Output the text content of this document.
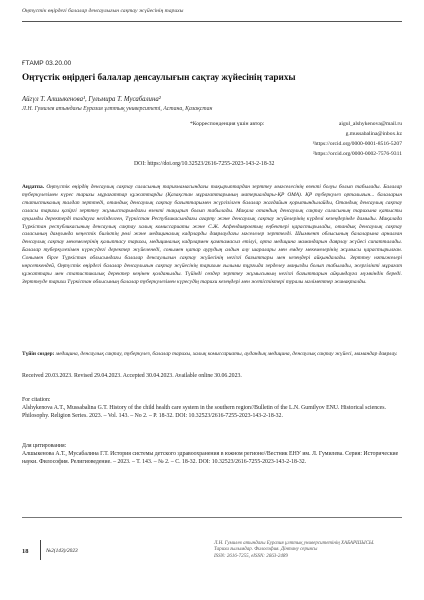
Оңтүстік өңірдегі балалар денсаулығын сақтау жүйесінің тарихы
ҒТАМР 03.20.00
Оңтүстік өңірдегі балалар денсаулығын сақтау жүйесінің тарихы
Айгүл Т. Алшыкенова¹, Гульмира Т. Мусабалина²
Л.Н. Гумилев атындағы Еуразия ұлттық университеті, Астана, Қазақстан
*Корреспонденция үшін автор:	aigul_alshykenova@mail.ru
g.mussabalina@inbox.kz
¹https://orcid.org/0000-0001-8516-5207
²https://orcid.org/0000-0002-7576-9311
DOI: https://doi.org/10.32523/2616-7255-2023-143-2-18-32
Аңдатпа. Оңтүстік өңірдің денсаулық сақтау саласының тарихнамасындағы тақырыптардан зерттеу ммәселесінің өзекті болуы болып табылады. Балалар туберкулезімен күрес тарихы мұрағаттар құжаттарды (Қазақстан мұрағаттарының материалдары-ҚР ОМА). ҚР туберкулез орталығын... балаларын статистикалық талдап зерттеді, отандық денсаулық сақтау бағыттарымен жүргізілген балалар жағдайын қорытындылайды, Отандық денсаулық сақтау саласы тарихы қазіргі зерттеу жұмыстарындағы өзекті тақырып болып табылады. Мақала отандық денсаулық сақтау саласының тарихына қатысты ауқымды деректерді талдауға негізделген, Түркістан Республикасындағы ағарту және денсаулық сақтау жүйелерінің күрделі кезеңдерінде дамыды. Мақалада Түркістан республикасының денсаулық сақтау халық комиссариаты және С.Ж. Асфендияровтың еңбектері қарастырылады, отандық денсаулық сақтау саласының дамуында кеңестік биліктің рөлі және медициналық кадрларды даярлаудағы мәселелер зерттелді. Шымкент облысының балаларына арналған денсаулық сақтау мекемелерінің қалыптасу тарихы, медициналық кадрлармен қамтамасыз етілуі, орта медицина мамандарын даярлау жүйесі сипатталады. Балалар туберкулезімен күресудегі деректер жүйеленеді, сонымен қатар аурудың алдын алу шаралары мен емдеу мекемелерінің жұмысы қарастырылған. Сонымен бірге Түркістан облысындағы балалар денсаулығын сақтау жүйесінің негізгі бағыттары мен кезеңдері айқындалады. Зерттеу нәтижелері көрсеткендей, Оңтүстік өңірдегі балалар денсаулығын сақтау жүйесінің тарихын ғылыми тұрғыда зерделеу маңызды болып табылады, жергілікті мұрағат құжаттары мен статистикалық деректер кеңінен қолданылды. Түйінді сөздер зерттеу жұмысының негізгі бағыттарын айқындауға мүмкіндік береді. Зерттеуде тарихи Түркістан облысының балалар туберкулезімен күресудің тарихи кезеңдері мен жетістіктері туралы мәліметтер жинақталды.
Түйін сөздер: медицина, денсаулық сақтау, туберкулез, балалар тарихы, халық комиссариаты, аудандық медицина, денсаулық сақтау жүйесі, мамандар даярлау.
Received 20.03.2023. Revised 29.04.2023. Accepted 30.04.2023. Available online 30.06.2023.
For citation:
Alshykenova A.T., Mussabalina G.T. History of the child health care system in the southern region//Bulletin of the L.N. Gumilyov ENU. Historical sciences. Philosophy. Religion Series. 2023. – Vol. 143. – No 2. – P. 18-32. DOI: 10.32523/2616-7255-2023-143-2-18-32.
Для цитирования:
Алшыкенова А.Т., Мусабалина Г.Т. История системы детского здравоохранения в южном регионе//Вестник ЕНУ им. Л. Гумилева. Серия: Исторические науки. Философия. Религиоведение. – 2023. – Т. 143. – № 2. – С. 18-32. DOI: 10.32523/2616-7255-2023-143-2-18-32.
18	№2(143)/2023
Л.Н. Гумилев атындағы Еуразия ұлттық университетінің ХАБАРШЫСЫ.
Тарихи ғылымдар. Философия. Дінтану сериясы
ISSN: 2616-7255, eISSN: 2663-2489
